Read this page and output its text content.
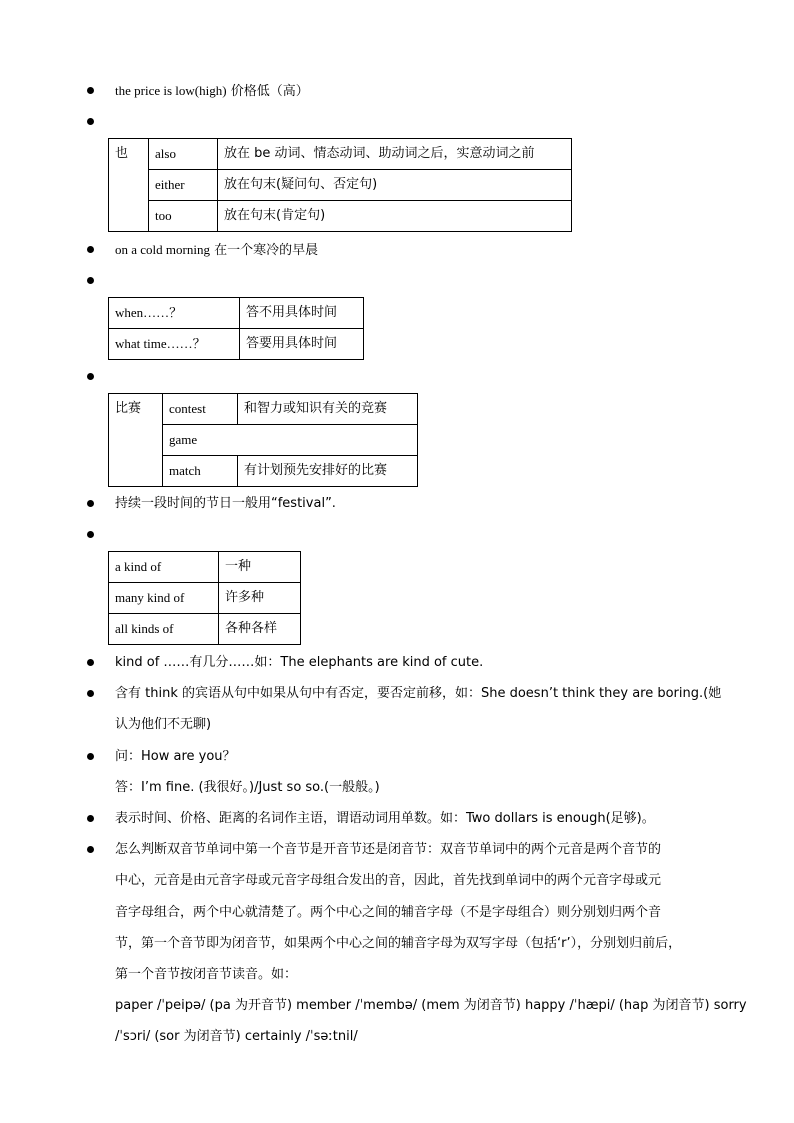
the price is low(high) 价格低（高）
也	also	放在 be 动词、情态动词、助动词之后，实意动词之前
	either	放在句末(疑问句、否定句)
	too	放在句末(肯定句)
on a cold morning 在一个寒冷的早晨
when……？	答不用具体时间
what time……？	答要用具体时间
比赛	contest	和智力或知识有关的竞赛
	game	
	match	有计划预先安排好的比赛
持续一段时间的节日一般用“festival”.
a kind of	一种
many kind of	许多种
all kinds of	各种各样
kind of ……有几分……如：The elephants are kind of cute.
含有 think 的宾语从句中如果从句中有否定，要否定前移，如：She doesn’t think they are boring.(她
认为他们不无聊)
问：How are you？
答：I’m fine. (我很好。)/Just so so.(一般般。)
表示时间、价格、距离的名词作主语，谓语动词用单数。如：Two dollars is enough(足够)。
怎么判断双音节单词中第一个音节是开音节还是闭音节：双音节单词中的两个元音是两个音节的
中心，元音是由元音字母或元音字母组合发出的音，因此，首先找到单词中的两个元音字母或元
音字母组合，两个中心就清楚了。两个中心之间的辅音字母（不是字母组合）则分别划归两个音
节，第一个音节即为闭音节，如果两个中心之间的辅音字母为双写字母（包括‘r’），分别划归前后，
第一个音节按闭音节读音。如：
paper /ˈpeipə/ (pa 为开音节) member /ˈmembə/ (mem 为闭音节) happy /ˈhæpi/ (hap 为闭音节) sorry
/ˈsɔri/ (sor 为闭音节) certainly /ˈsəːtnil/
